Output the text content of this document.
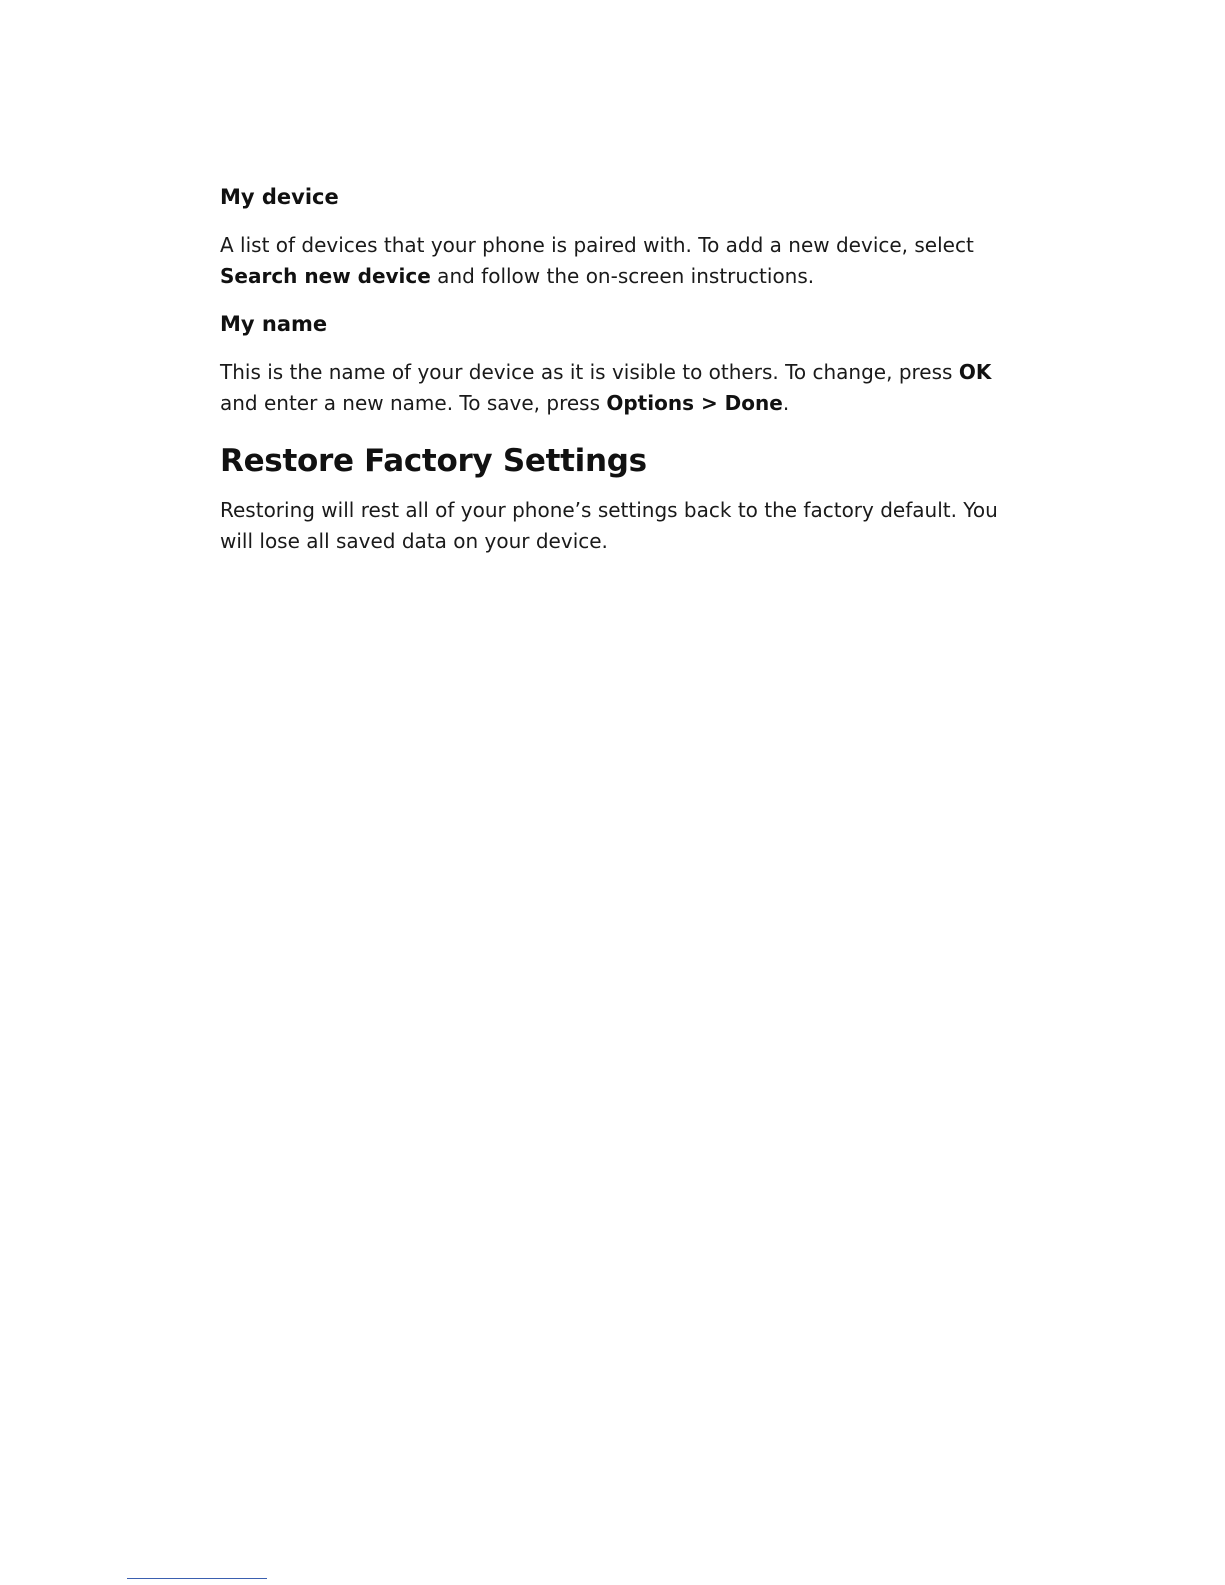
My device

A list of devices that your phone is paired with. To add a new device, select Search new device and follow the on-screen instructions.

My name

This is the name of your device as it is visible to others. To change, press OK and enter a new name. To save, press Options > Done.

Restore Factory Settings

Restoring will rest all of your phone’s settings back to the factory default. You will lose all saved data on your device.
